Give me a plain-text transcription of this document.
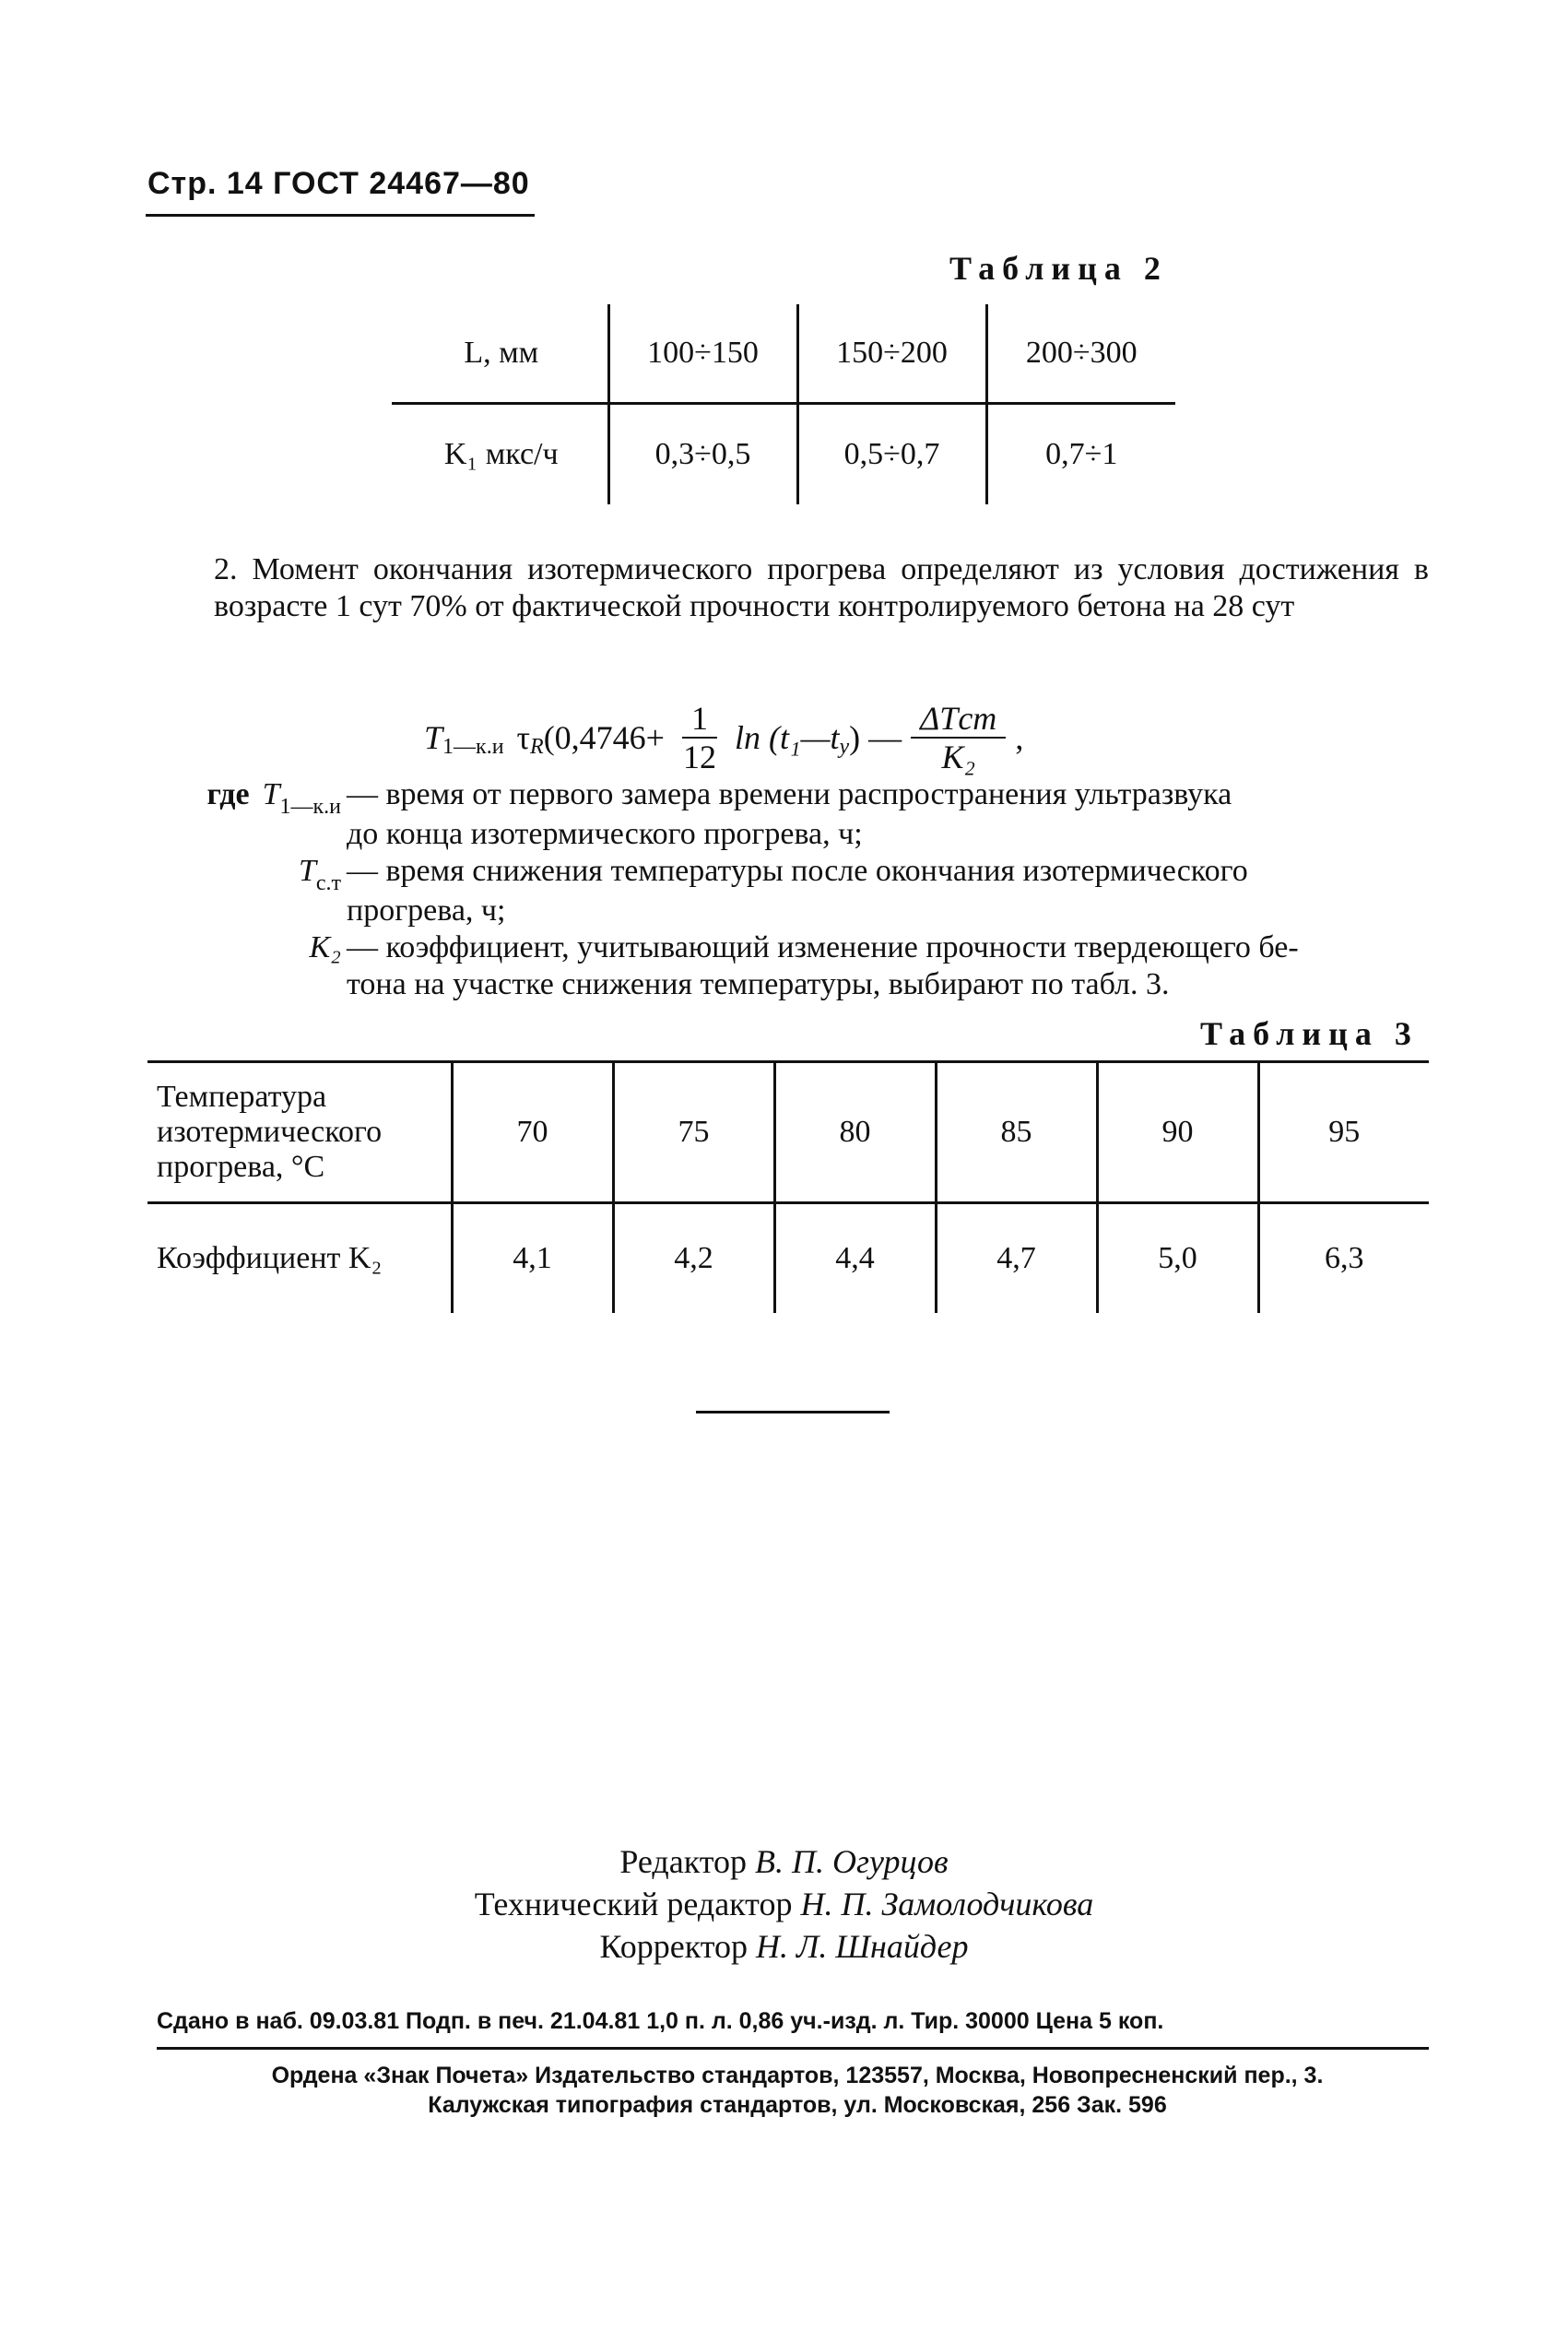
Стр. 14 ГОСТ 24467—80
Таблица 2
L, мм	100÷150	150÷200	200÷300
K₁ мкс/ч	0,3÷0,5	0,5÷0,7	0,7÷1
2. Момент окончания изотермического прогрева определяют из условия достижения в возрасте 1 сут 70% от фактической прочности контролируемого бетона на 28 сут
T 1—к.и τ R ($0,4746+ \frac{1}{12}$ ln (t₁—t у ) — $\frac{\text{ΔTст}}{\text{K₂}}$ ,
где $T_{1—к.и}$ — время от первого замера времени распространения ультразвука
до конца изотермического прогрева, ч;
$T_{с.т}$ — время снижения температуры после окончания изотермического
прогрева, ч;
K₂ — коэффициент, учитывающий изменение прочности твердеющего бе-
тона на участке снижения температуры, выбирают по табл. 3.
Таблица 3
Температура изотермического прогрева, °С	70	75	80	85	90	95
Коэффициент K₂	4,1	4,2	4,4	4,7	5,0	6,3
Редактор В. П. Огурцов
Технический редактор Н. П. Замолодчикова
Корректор Н. Л. Шнайдер
Сдано в наб. 09.03.81 Подп. в печ. 21.04.81 1,0 п. л. 0,86 уч.-изд. л. Тир. 30000 Цена 5 коп.
Ордена «Знак Почета» Издательство стандартов, 123557, Москва, Новопресненский пер., 3.
Калужская типография стандартов, ул. Московская, 256 Зак. 596
